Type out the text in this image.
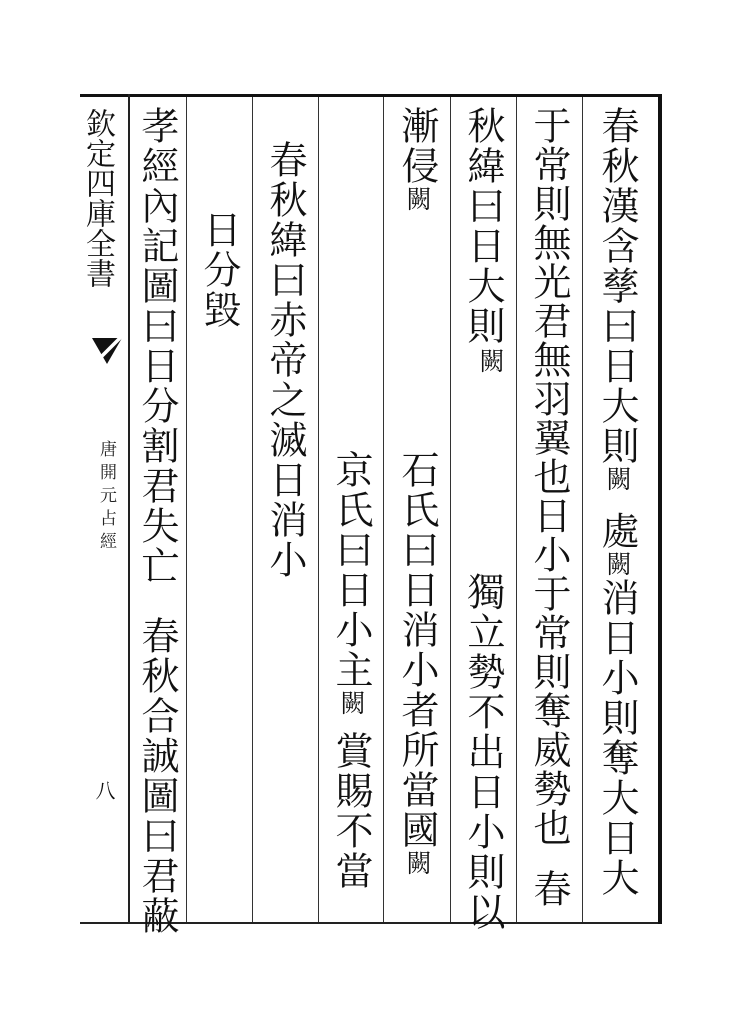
欽定四庫全書
唐開元占經
八
春秋漢含孳曰日大則闕處闕消日小則奪大日大
于常則無光君無羽翼也日小于常則奪威勢也春
秋緯曰日大則
闕
獨立勢不出日小則以
漸侵闕
石氏曰日消小者所當國闕
京氏曰日小主闕賞賜不當
春秋緯曰赤帝之滅日消小
日分毀
孝經內記圖曰日分割君失亡春秋合誠圖曰君蔽
